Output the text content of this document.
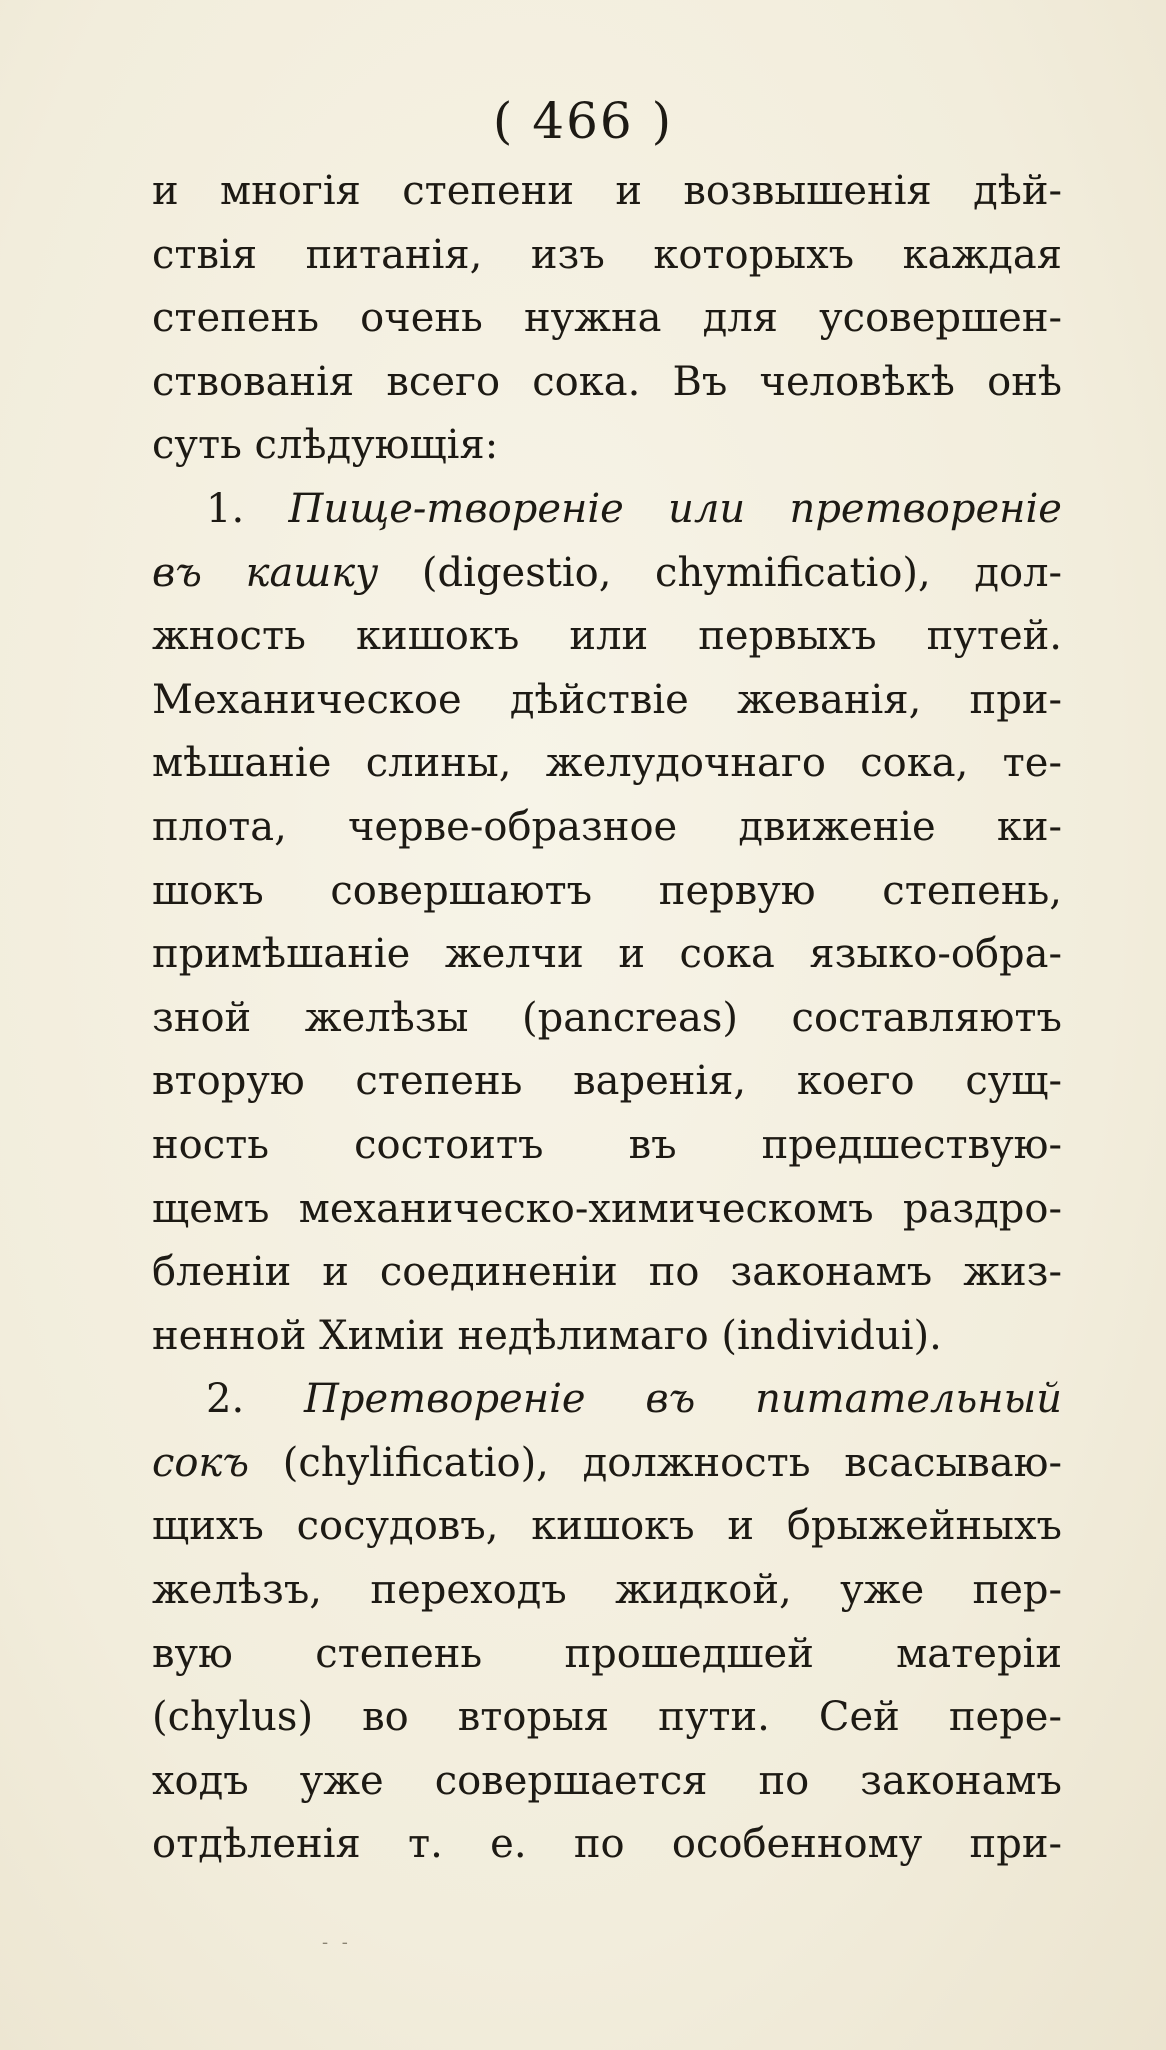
( 466 )
и многія степени и возвышенія дѣй-
ствія питанія, изъ которыхъ каждая
степень очень нужна для усовершен-
ствованія всего сока. Въ человѣкѣ онѣ
суть слѣдующія:
1. Пище-твореніе или претвореніе
въ кашку (digestio, chymificatio), дол-
жность кишокъ или первыхъ путей.
Механическое дѣйствіе жеванія, при-
мѣшаніе слины, желудочнаго сока, те-
плота, черве-образное движеніе ки-
шокъ совершаютъ первую степень,
примѣшаніе желчи и сока языко-обра-
зной желѣзы (pancreas) составляютъ
вторую степень варенія, коего сущ-
ность состоитъ въ предшествую-
щемъ механическо-химическомъ раздро-
бленіи и соединеніи по законамъ жиз-
ненной Химіи недѣлимаго (individui).
2. Претвореніе въ питательный
сокъ (chylificatio), должность всасываю-
щихъ сосудовъ, кишокъ и брыжейныхъ
желѣзъ, переходъ жидкой, уже пер-
вую степень прошедшей матеріи
(chylus) во вторыя пути. Сей пере-
ходъ уже совершается по законамъ
отдѣленія т. е. по особенному при-
- -
